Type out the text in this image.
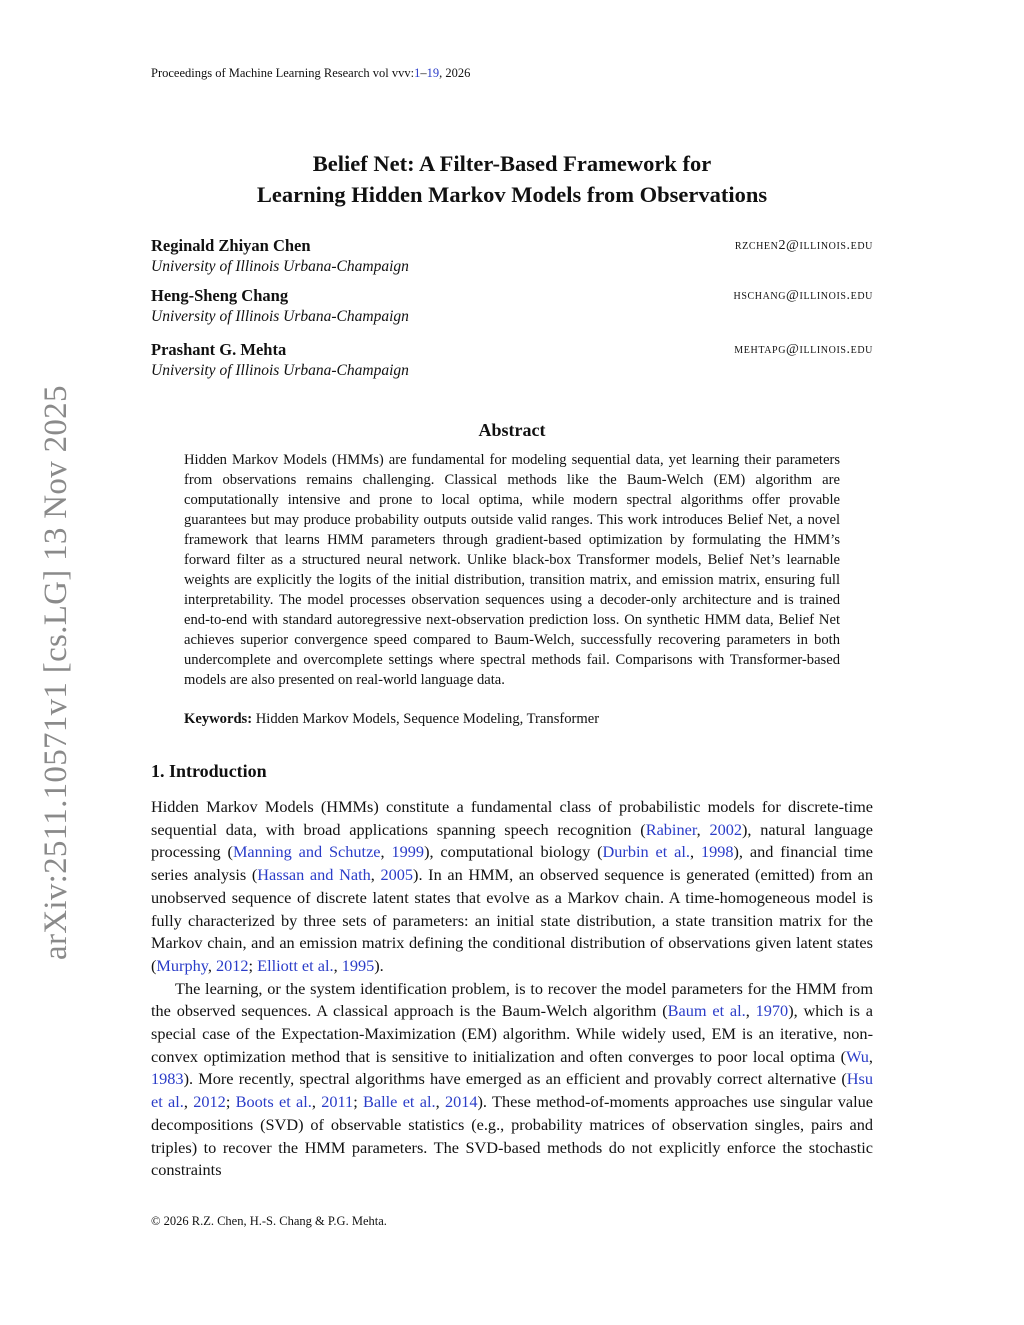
Proceedings of Machine Learning Research vol vvv:1–19, 2026
arXiv:2511.10571v1 [cs.LG] 13 Nov 2025
Belief Net: A Filter-Based Framework for
Learning Hidden Markov Models from Observations
Reginald Zhiyan Chen	rzchen2@illinois.edu
University of Illinois Urbana-Champaign
Heng-Sheng Chang	hschang@illinois.edu
University of Illinois Urbana-Champaign
Prashant G. Mehta	mehtapg@illinois.edu
University of Illinois Urbana-Champaign
Abstract
Hidden Markov Models (HMMs) are fundamental for modeling sequential data, yet learning their parameters from observations remains challenging. Classical methods like the Baum-Welch (EM) algorithm are computationally intensive and prone to local optima, while modern spectral algorithms offer provable guarantees but may produce probability outputs outside valid ranges. This work introduces Belief Net, a novel framework that learns HMM parameters through gradient-based optimization by formulating the HMM’s forward filter as a structured neural network. Unlike black-box Transformer models, Belief Net’s learnable weights are explicitly the logits of the initial distribution, transition matrix, and emission matrix, ensuring full interpretability. The model processes observation sequences using a decoder-only architecture and is trained end-to-end with standard autoregressive next-observation prediction loss. On synthetic HMM data, Belief Net achieves superior convergence speed compared to Baum-Welch, successfully recovering parameters in both undercomplete and overcomplete settings where spectral methods fail. Comparisons with Transformer-based models are also presented on real-world language data.
Keywords: Hidden Markov Models, Sequence Modeling, Transformer
1. Introduction

Hidden Markov Models (HMMs) constitute a fundamental class of probabilistic models for discrete-time sequential data, with broad applications spanning speech recognition (Rabiner, 2002), natural language processing (Manning and Schutze, 1999), computational biology (Durbin et al., 1998), and financial time series analysis (Hassan and Nath, 2005). In an HMM, an observed sequence is generated (emitted) from an unobserved sequence of discrete latent states that evolve as a Markov chain. A time-homogeneous model is fully characterized by three sets of parameters: an initial state distribution, a state transition matrix for the Markov chain, and an emission matrix defining the conditional distribution of observations given latent states (Murphy, 2012; Elliott et al., 1995).

The learning, or the system identification problem, is to recover the model parameters for the HMM from the observed sequences. A classical approach is the Baum-Welch algorithm (Baum et al., 1970), which is a special case of the Expectation-Maximization (EM) algorithm. While widely used, EM is an iterative, non-convex optimization method that is sensitive to initialization and often converges to poor local optima (Wu, 1983). More recently, spectral algorithms have emerged as an efficient and provably correct alternative (Hsu et al., 2012; Boots et al., 2011; Balle et al., 2014). These method-of-moments approaches use singular value decompositions (SVD) of observable statistics (e.g., probability matrices of observation singles, pairs and triples) to recover the HMM parameters. The SVD-based methods do not explicitly enforce the stochastic constraints

© 2026 R.Z. Chen, H.-S. Chang & P.G. Mehta.
